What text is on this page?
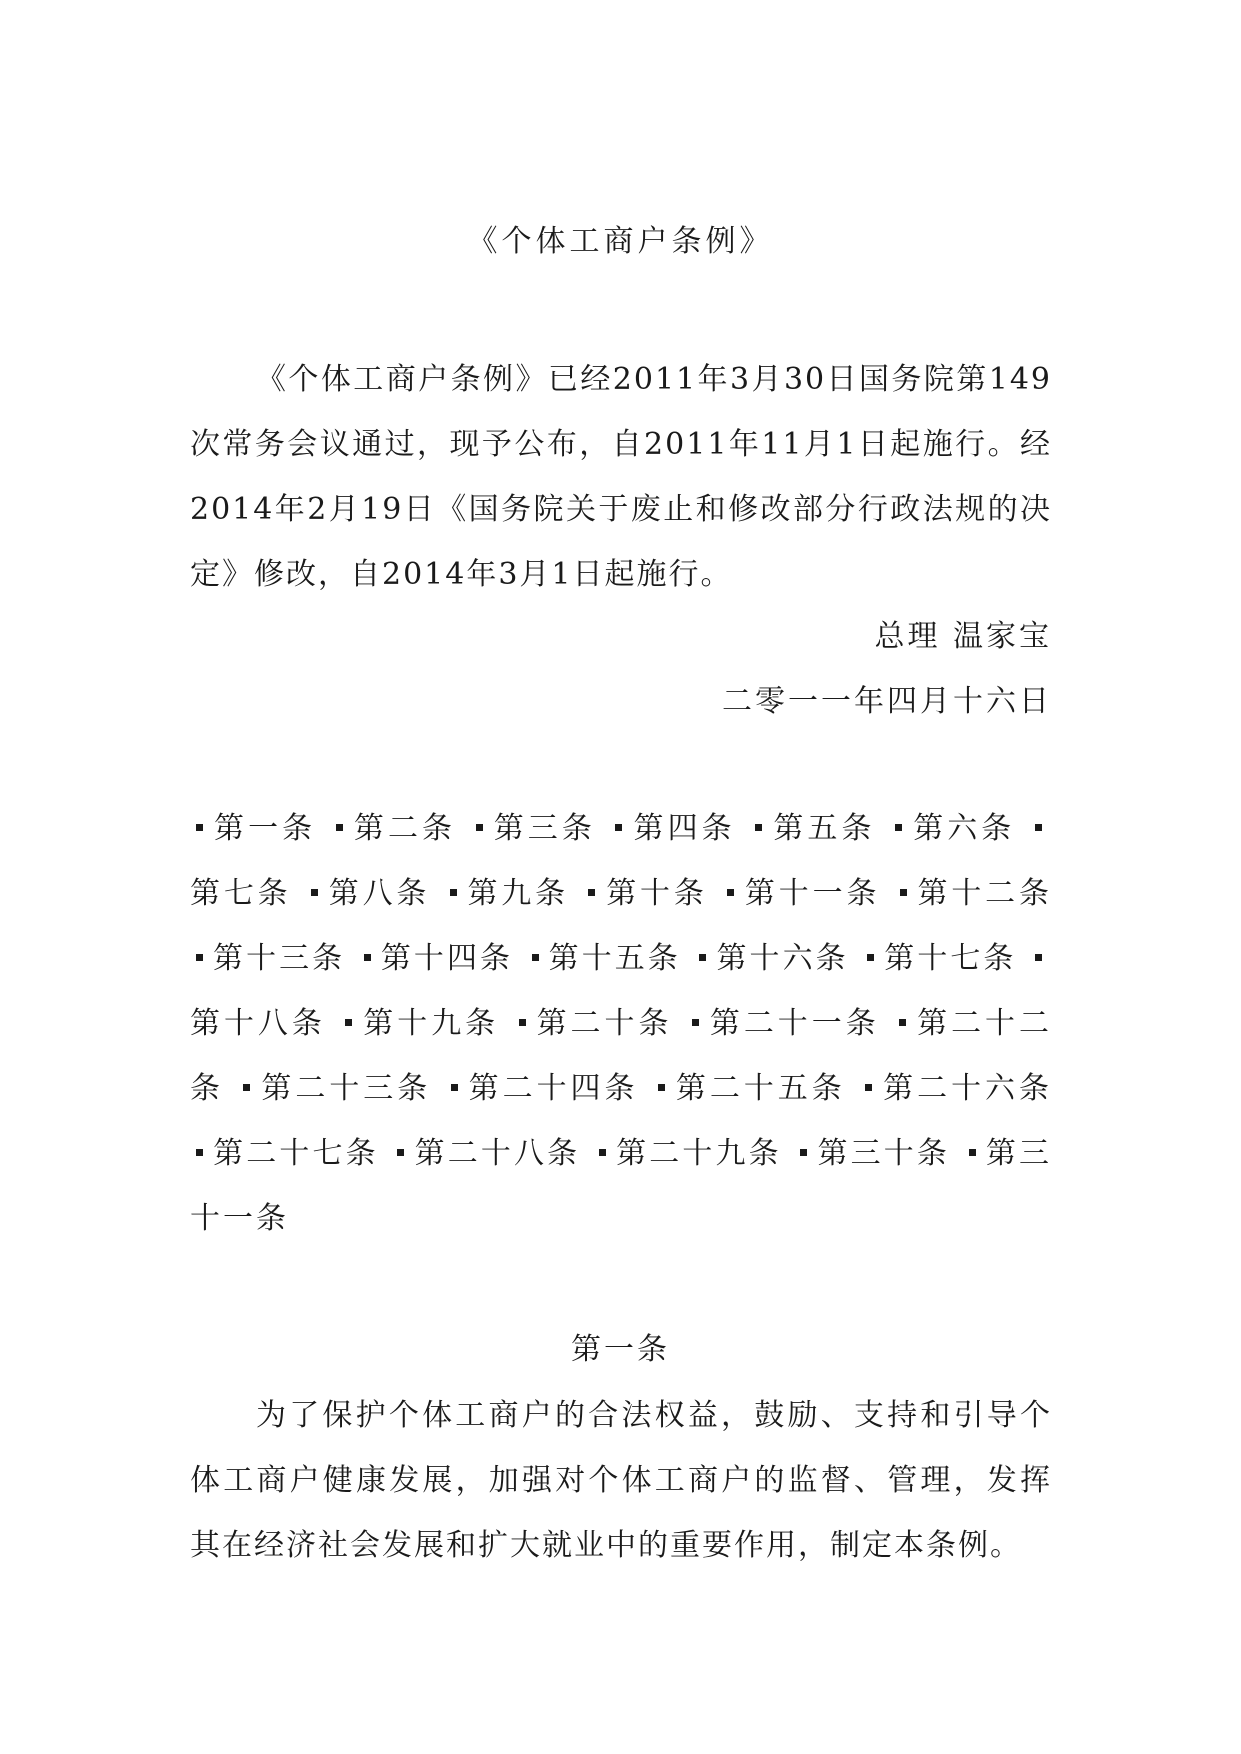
《个体工商户条例》

《个体工商户条例》已经2011年3月30日国务院第149次常务会议通过，现予公布，自2011年11月1日起施行。经2014年2月19日《国务院关于废止和修改部分行政法规的决定》修改，自2014年3月1日起施行。

总理 温家宝
二零一一年四月十六日
第一条 第二条 第三条 第四条 第五条 第六条 第七条 第八条 第九条 第十条 第十一条 第十二条 第十三条 第十四条 第十五条 第十六条 第十七条 第十八条 第十九条 第二十条 第二十一条 第二十二条 第二十三条 第二十四条 第二十五条 第二十六条 第二十七条 第二十八条 第二十九条 第三十条 第三十一条
第一条

为了保护个体工商户的合法权益，鼓励、支持和引导个体工商户健康发展，加强对个体工商户的监督、管理，发挥其在经济社会发展和扩大就业中的重要作用，制定本条例。
